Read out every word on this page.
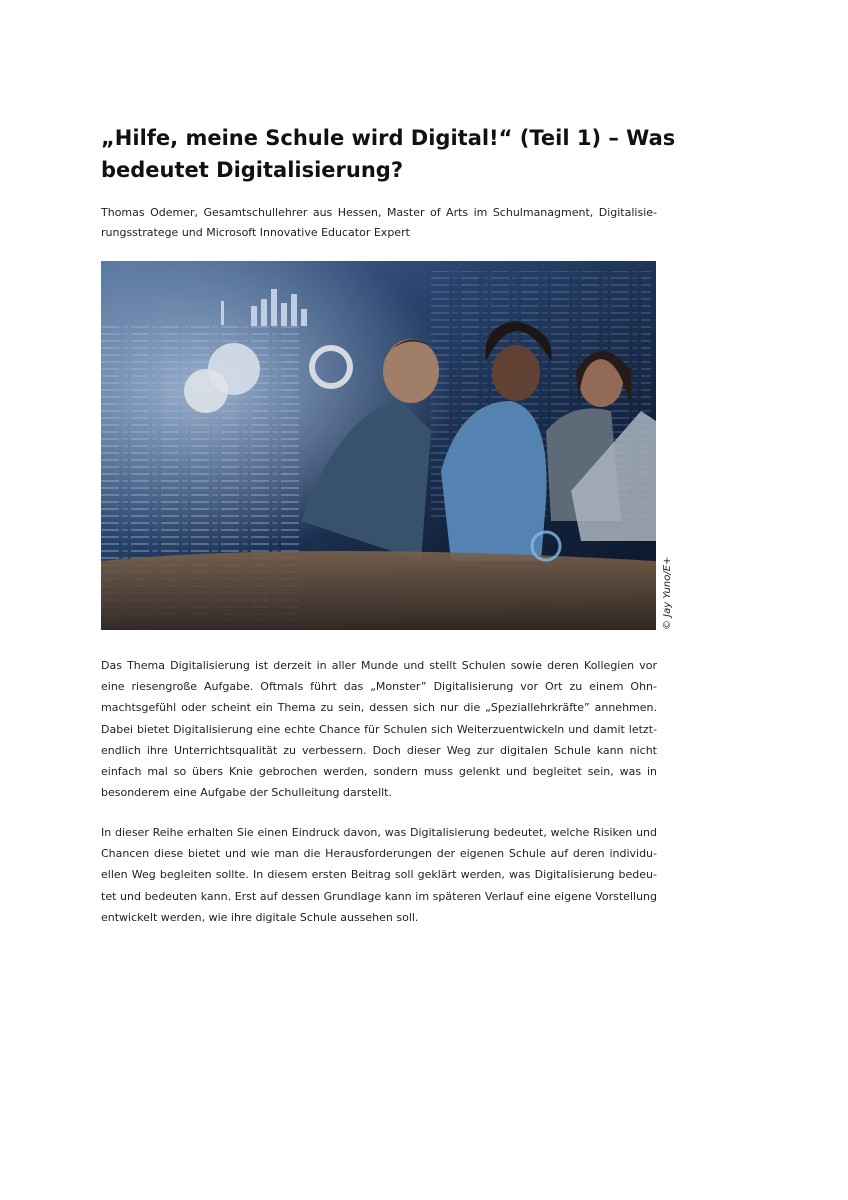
„Hilfe, meine Schule wird Digital!“ (Teil 1) – Was
bedeutet Digitalisierung?
Thomas Odemer, Gesamtschullehrer aus Hessen, Master of Arts im Schulmanagment, Digitalisie-
rungsstratege und Microsoft Innovative Educator Expert
© Jay Yuno/E+

Das Thema Digitalisierung ist derzeit in aller Munde und stellt Schulen sowie deren Kollegien vor
eine riesengroße Aufgabe. Oftmals führt das „Monster” Digitalisierung vor Ort zu einem Ohn-
machtsgefühl oder scheint ein Thema zu sein, dessen sich nur die „Speziallehrkräfte” annehmen.
Dabei bietet Digitalisierung eine echte Chance für Schulen sich Weiterzuentwickeln und damit letzt-
endlich ihre Unterrichtsqualität zu verbessern. Doch dieser Weg zur digitalen Schule kann nicht
einfach mal so übers Knie gebrochen werden, sondern muss gelenkt und begleitet sein, was in
besonderem eine Aufgabe der Schulleitung darstellt.

In dieser Reihe erhalten Sie einen Eindruck davon, was Digitalisierung bedeutet, welche Risiken und
Chancen diese bietet und wie man die Herausforderungen der eigenen Schule auf deren individu-
ellen Weg begleiten sollte. In diesem ersten Beitrag soll geklärt werden, was Digitalisierung bedeu-
tet und bedeuten kann. Erst auf dessen Grundlage kann im späteren Verlauf eine eigene Vorstellung
entwickelt werden, wie ihre digitale Schule aussehen soll.
